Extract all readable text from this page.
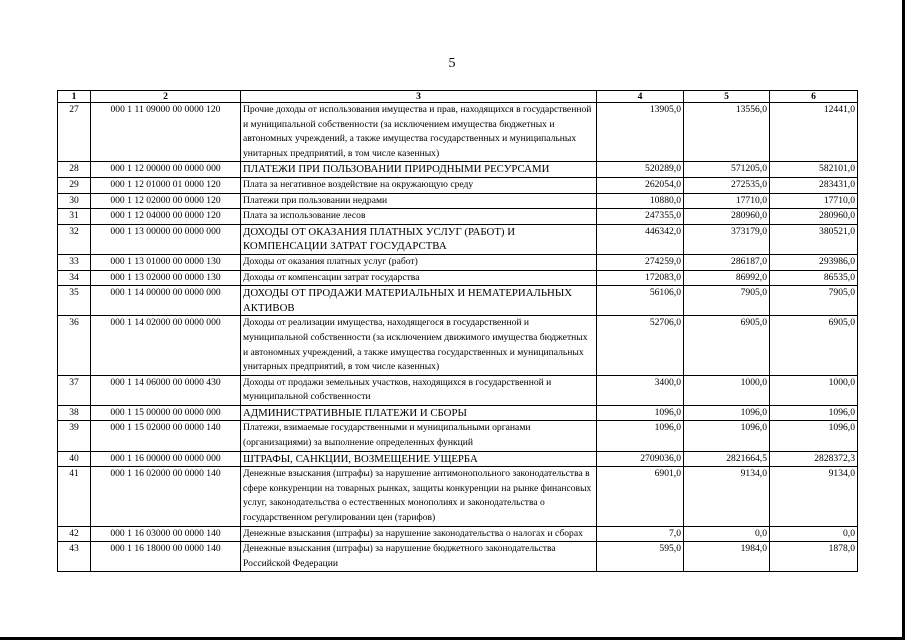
5
1	2	3	4	5	6
27	000 1 11 09000 00 0000 120	Прочие доходы от использования имущества и прав, находящихся в государственной и муниципальной собственности (за исключением имущества бюджетных и автономных учреждений, а также имущества государственных и муниципальных унитарных предприятий, в том числе казенных)	13905,0	13556,0	12441,0
28	000 1 12 00000 00 0000 000	ПЛАТЕЖИ ПРИ ПОЛЬЗОВАНИИ ПРИРОДНЫМИ РЕСУРСАМИ	520289,0	571205,0	582101,0
29	000 1 12 01000 01 0000 120	Плата за негативное воздействие на окружающую среду	262054,0	272535,0	283431,0
30	000 1 12 02000 00 0000 120	Платежи при пользовании недрами	10880,0	17710,0	17710,0
31	000 1 12 04000 00 0000 120	Плата за использование лесов	247355,0	280960,0	280960,0
32	000 1 13 00000 00 0000 000	ДОХОДЫ ОТ ОКАЗАНИЯ ПЛАТНЫХ УСЛУГ (РАБОТ) И КОМПЕНСАЦИИ ЗАТРАТ ГОСУДАРСТВА	446342,0	373179,0	380521,0
33	000 1 13 01000 00 0000 130	Доходы от оказания платных услуг (работ)	274259,0	286187,0	293986,0
34	000 1 13 02000 00 0000 130	Доходы от компенсации затрат государства	172083,0	86992,0	86535,0
35	000 1 14 00000 00 0000 000	ДОХОДЫ ОТ ПРОДАЖИ МАТЕРИАЛЬНЫХ И НЕМАТЕРИАЛЬНЫХ АКТИВОВ	56106,0	7905,0	7905,0
36	000 1 14 02000 00 0000 000	Доходы от реализации имущества, находящегося в государственной и муниципальной собственности (за исключением движимого имущества бюджетных и автономных учреждений, а также имущества государственных и муниципальных унитарных предприятий, в том числе казенных)	52706,0	6905,0	6905,0
37	000 1 14 06000 00 0000 430	Доходы от продажи земельных участков, находящихся в государственной и муниципальной собственности	3400,0	1000,0	1000,0
38	000 1 15 00000 00 0000 000	АДМИНИСТРАТИВНЫЕ ПЛАТЕЖИ И СБОРЫ	1096,0	1096,0	1096,0
39	000 1 15 02000 00 0000 140	Платежи, взимаемые государственными и муниципальными органами (организациями) за выполнение определенных функций	1096,0	1096,0	1096,0
40	000 1 16 00000 00 0000 000	ШТРАФЫ, САНКЦИИ, ВОЗМЕЩЕНИЕ УЩЕРБА	2709036,0	2821664,5	2828372,3
41	000 1 16 02000 00 0000 140	Денежные взыскания (штрафы) за нарушение антимонопольного законодательства в сфере конкуренции на товарных рынках, защиты конкуренции на рынке финансовых услуг, законодательства о естественных монополиях и законодательства о государственном регулировании цен (тарифов)	6901,0	9134,0	9134,0
42	000 1 16 03000 00 0000 140	Денежные взыскания (штрафы) за нарушение законодательства о налогах и сборах	7,0	0,0	0,0
43	000 1 16 18000 00 0000 140	Денежные взыскания (штрафы) за нарушение бюджетного законодательства Российской Федерации	595,0	1984,0	1878,0
